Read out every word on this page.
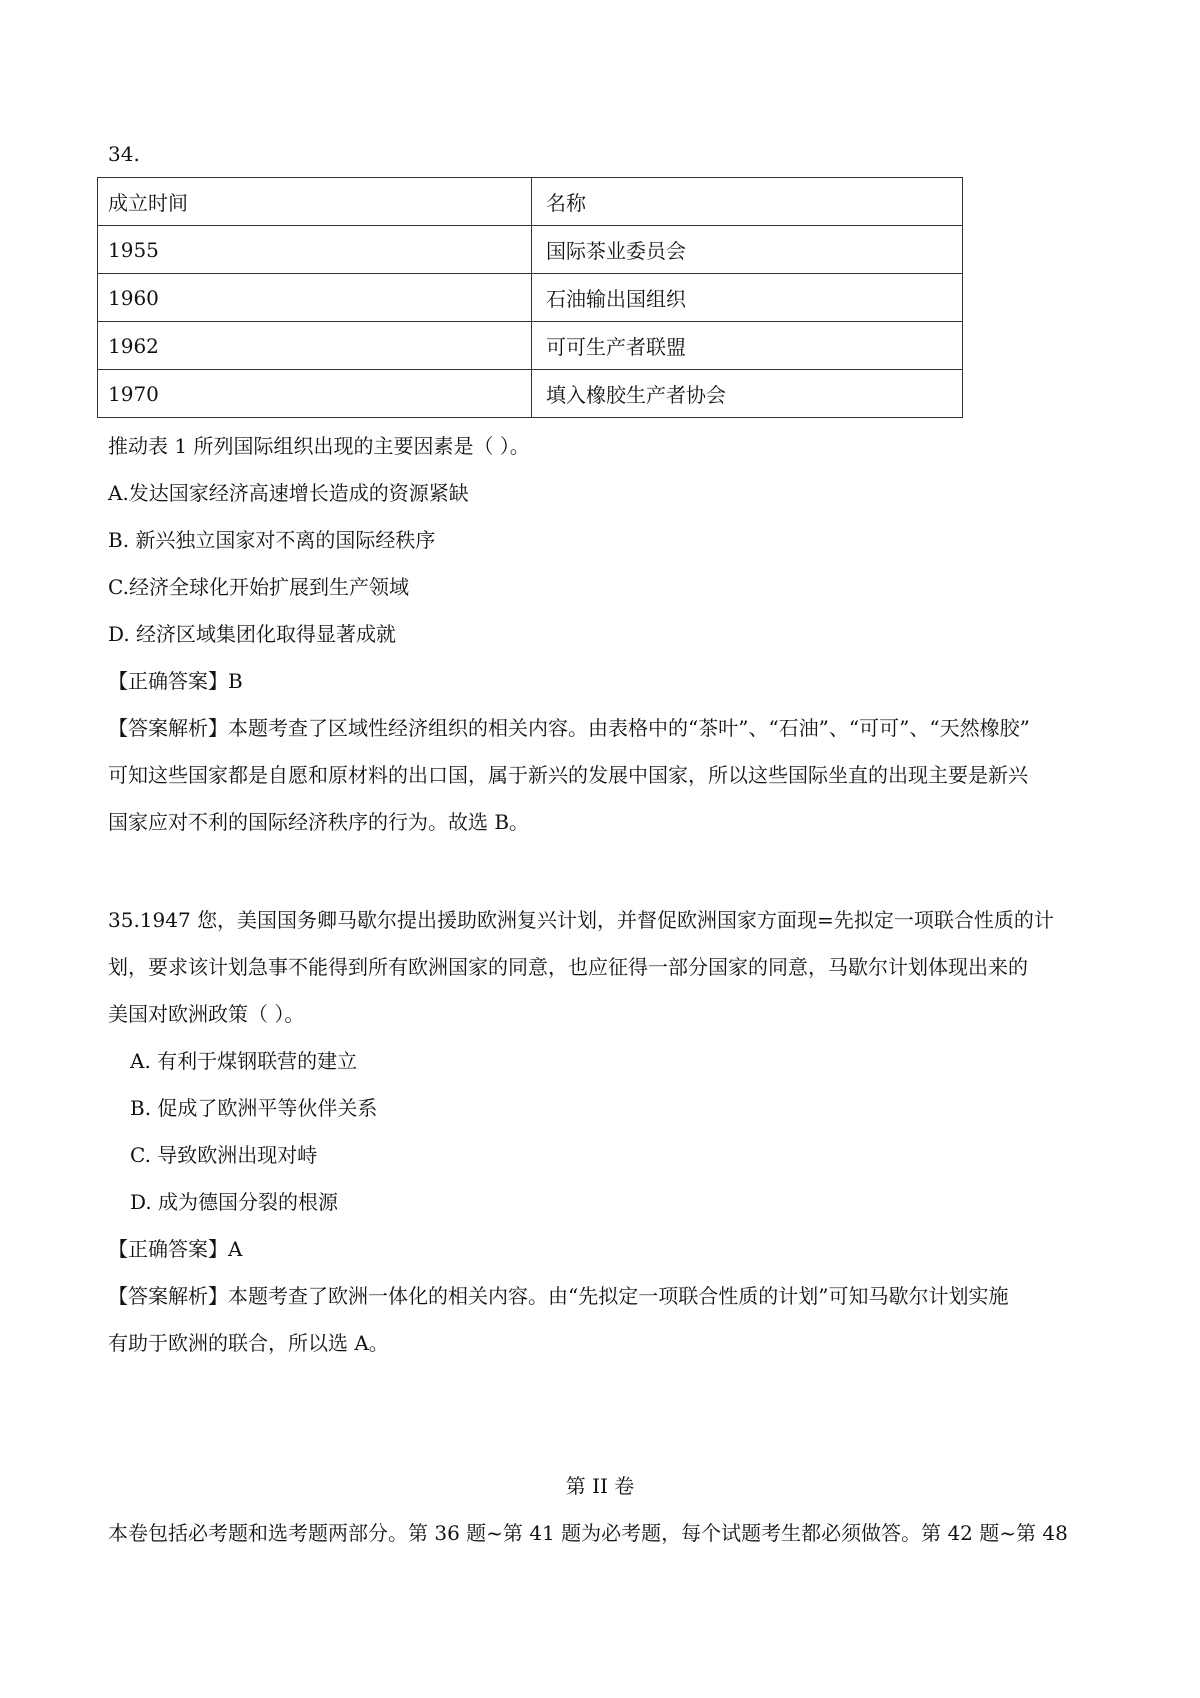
34.
成立时间	名称
1955	国际茶业委员会
1960	石油输出国组织
1962	可可生产者联盟
1970	填入橡胶生产者协会
推动表 1 所列国际组织出现的主要因素是（ ）。
A.发达国家经济高速增长造成的资源紧缺
B. 新兴独立国家对不离的国际经秩序
C.经济全球化开始扩展到生产领域
D. 经济区域集团化取得显著成就
【正确答案】B
【答案解析】本题考查了区域性经济组织的相关内容。由表格中的“茶叶”、“石油”、“可可”、“天然橡胶”
可知这些国家都是自愿和原材料的出口国，属于新兴的发展中国家，所以这些国际坐直的出现主要是新兴
国家应对不利的国际经济秩序的行为。故选 B。
35.1947 您，美国国务卿马歇尔提出援助欧洲复兴计划，并督促欧洲国家方面现=先拟定一项联合性质的计
划，要求该计划急事不能得到所有欧洲国家的同意，也应征得一部分国家的同意，马歇尔计划体现出来的
美国对欧洲政策（ ）。
A. 有利于煤钢联营的建立
B. 促成了欧洲平等伙伴关系
C. 导致欧洲出现对峙
D. 成为德国分裂的根源
【正确答案】A
【答案解析】本题考查了欧洲一体化的相关内容。由“先拟定一项联合性质的计划”可知马歇尔计划实施
有助于欧洲的联合，所以选 A。
第 II 卷
本卷包括必考题和选考题两部分。第 36 题~第 41 题为必考题，每个试题考生都必须做答。第 42 题~第 48
